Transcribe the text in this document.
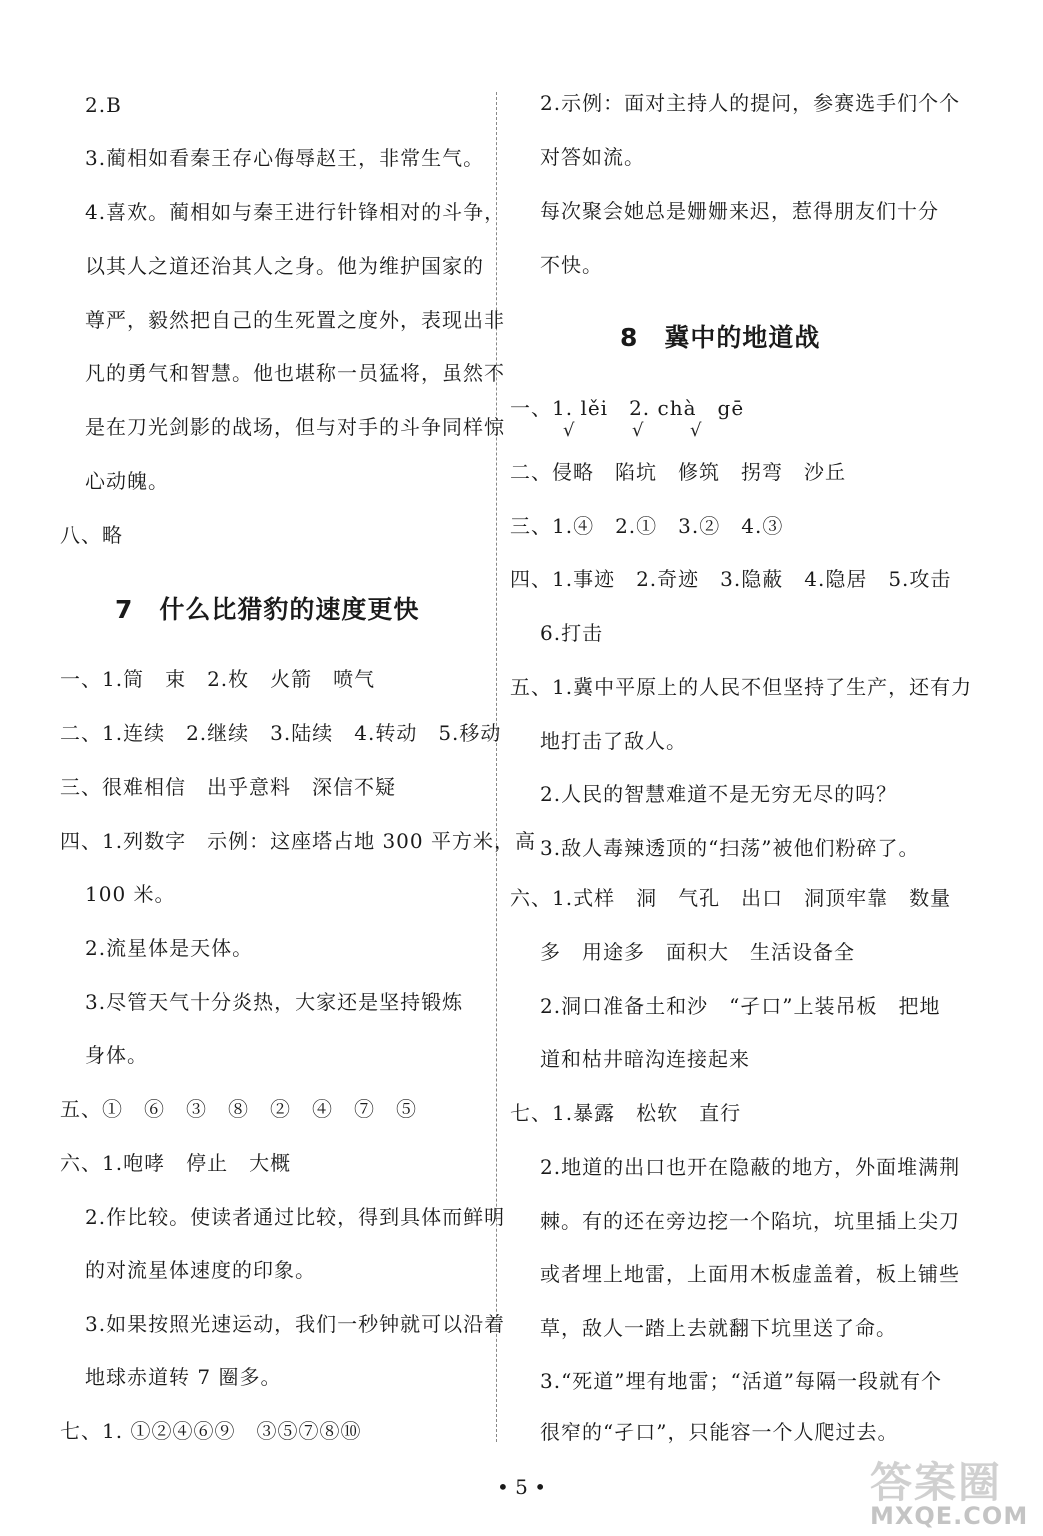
2.B
3.蔺相如看秦王存心侮辱赵王，非常生气。
4.喜欢。蔺相如与秦王进行针锋相对的斗争，
以其人之道还治其人之身。他为维护国家的
尊严，毅然把自己的生死置之度外，表现出非
凡的勇气和智慧。他也堪称一员猛将，虽然不
是在刀光剑影的战场，但与对手的斗争同样惊
心动魄。
八、略
一、1.筒　束　2.枚　火箭　喷气
二、1.连续　2.继续　3.陆续　4.转动　5.移动
三、很难相信　出乎意料　深信不疑
四、1.列数字　示例：这座塔占地 300 平方米，高
100 米。
2.流星体是天体。
3.尽管天气十分炎热，大家还是坚持锻炼
身体。
五、①　⑥　③　⑧　②　④　⑦　⑤
六、1.咆哮　停止　大概
2.作比较。使读者通过比较，得到具体而鲜明
的对流星体速度的印象。
3.如果按照光速运动，我们一秒钟就可以沿着
地球赤道转 7 圈多。
七、1. ①②④⑥⑨　③⑤⑦⑧⑩
7　什么比猎豹的速度更快
2.示例：面对主持人的提问，参赛选手们个个
对答如流。
每次聚会她总是姗姗来迟，惹得朋友们十分
不快。
一、1. lěi　2. chà　gē
二、侵略　陷坑　修筑　拐弯　沙丘
三、1.④　2.①　3.②　4.③
四、1.事迹　2.奇迹　3.隐蔽　4.隐居　5.攻击
6.打击
五、1.冀中平原上的人民不但坚持了生产，还有力
地打击了敌人。
2.人民的智慧难道不是无穷无尽的吗？
3.敌人毒辣透顶的“扫荡”被他们粉碎了。
六、1.式样　洞　气孔　出口　洞顶牢靠　数量
多　用途多　面积大　生活设备全
2.洞口准备土和沙　“孑口”上装吊板　把地
道和枯井暗沟连接起来
七、1.暴露　松软　直行
2.地道的出口也开在隐蔽的地方，外面堆满荆
棘。有的还在旁边挖一个陷坑，坑里插上尖刀
或者埋上地雷，上面用木板虚盖着，板上铺些
草，敌人一踏上去就翻下坑里送了命。
3.“死道”埋有地雷；“活道”每隔一段就有个
很窄的“孑口”，只能容一个人爬过去。
8　冀中的地道战
√	√	√
• 5 •	答案圈
MXQE.COM
